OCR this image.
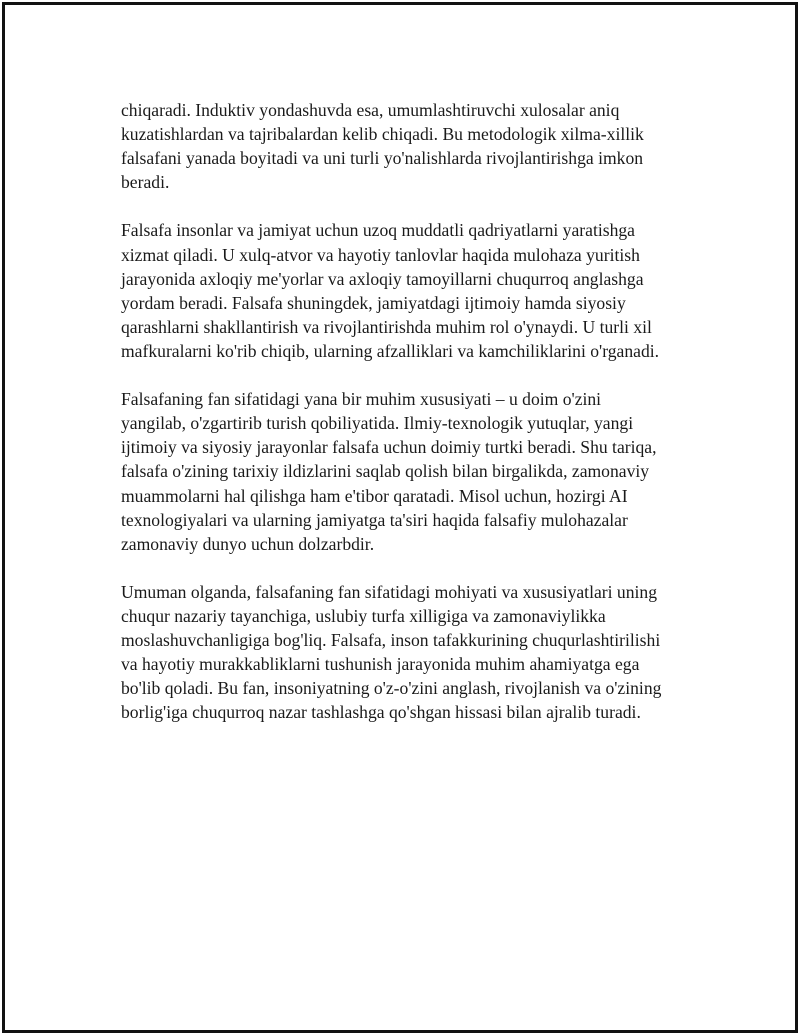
chiqaradi. Induktiv yondashuvda esa, umumlashtiruvchi xulosalar aniq
kuzatishlardan va tajribalardan kelib chiqadi. Bu metodologik xilma-xillik
falsafani yanada boyitadi va uni turli yo'nalishlarda rivojlantirishga imkon
beradi.

Falsafa insonlar va jamiyat uchun uzoq muddatli qadriyatlarni yaratishga
xizmat qiladi. U xulq-atvor va hayotiy tanlovlar haqida mulohaza yuritish
jarayonida axloqiy me'yorlar va axloqiy tamoyillarni chuqurroq anglashga
yordam beradi. Falsafa shuningdek, jamiyatdagi ijtimoiy hamda siyosiy
qarashlarni shakllantirish va rivojlantirishda muhim rol o'ynaydi. U turli xil
mafkuralarni ko'rib chiqib, ularning afzalliklari va kamchiliklarini o'rganadi.

Falsafaning fan sifatidagi yana bir muhim xususiyati – u doim o'zini
yangilab, o'zgartirib turish qobiliyatida. Ilmiy-texnologik yutuqlar, yangi
ijtimoiy va siyosiy jarayonlar falsafa uchun doimiy turtki beradi. Shu tariqa,
falsafa o'zining tarixiy ildizlarini saqlab qolish bilan birgalikda, zamonaviy
muammolarni hal qilishga ham e'tibor qaratadi. Misol uchun, hozirgi AI
texnologiyalari va ularning jamiyatga ta'siri haqida falsafiy mulohazalar
zamonaviy dunyo uchun dolzarbdir.

Umuman olganda, falsafaning fan sifatidagi mohiyati va xususiyatlari uning
chuqur nazariy tayanchiga, uslubiy turfa xilligiga va zamonaviylikka
moslashuvchanligiga bog'liq. Falsafa, inson tafakkurining chuqurlashtirilishi
va hayotiy murakkabliklarni tushunish jarayonida muhim ahamiyatga ega
bo'lib qoladi. Bu fan, insoniyatning o'z-o'zini anglash, rivojlanish va o'zining
borlig'iga chuqurroq nazar tashlashga qo'shgan hissasi bilan ajralib turadi.
